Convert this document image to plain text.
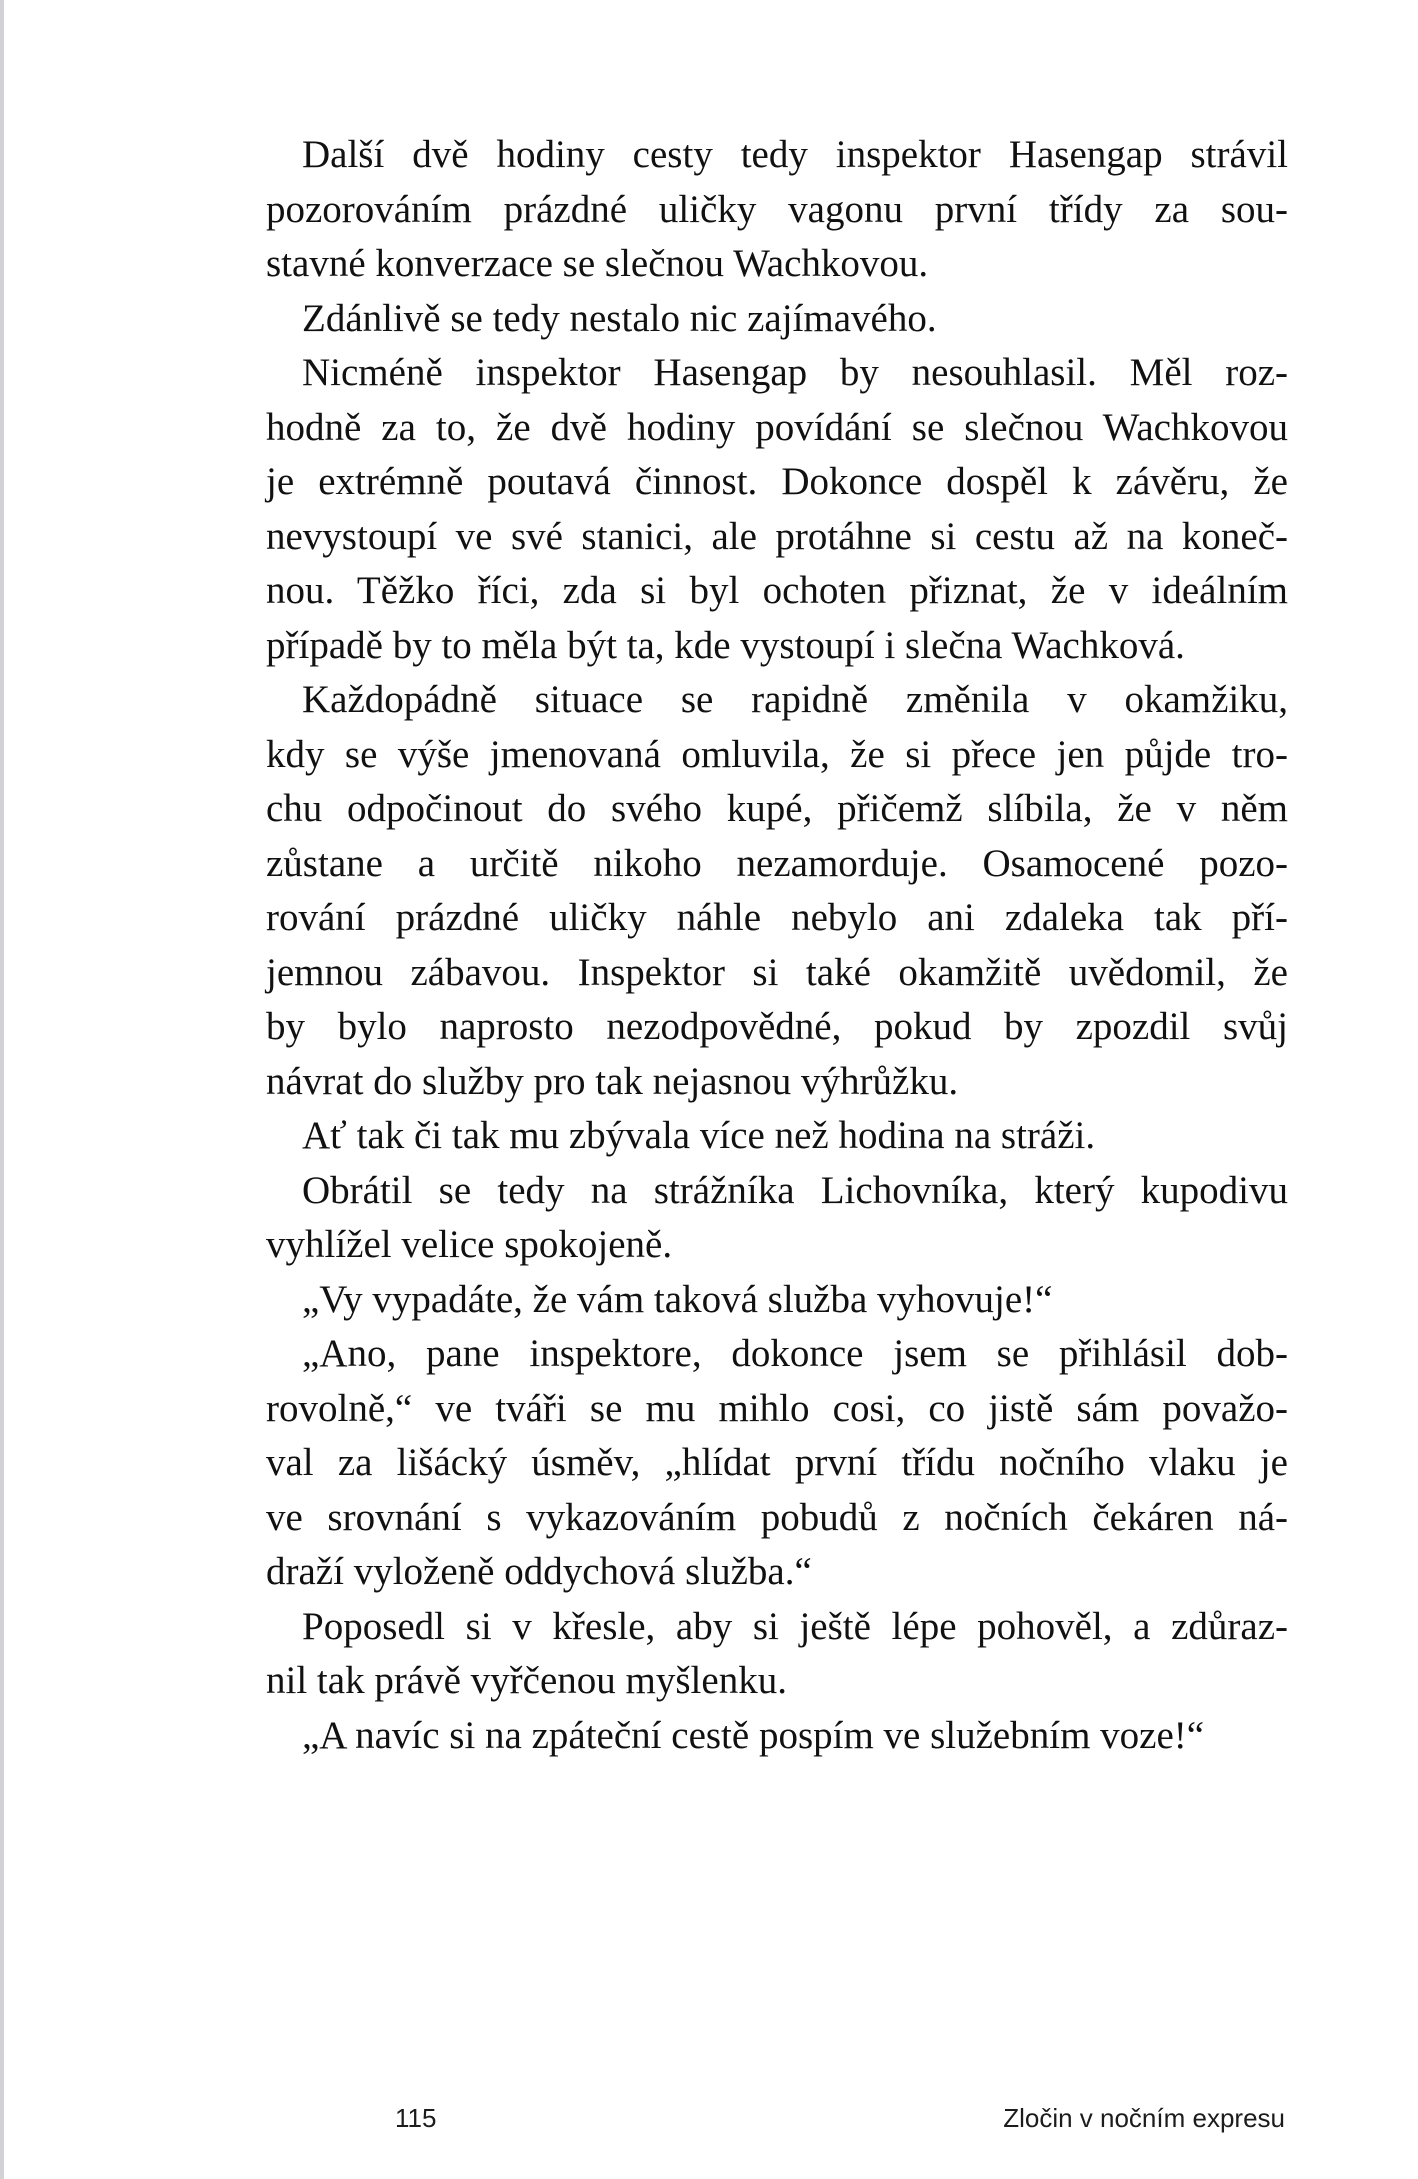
Další dvě hodiny cesty tedy inspektor Hasengap strávil
pozorováním prázdné uličky vagonu první třídy za sou-
stavné konverzace se slečnou Wachkovou.
Zdánlivě se tedy nestalo nic zajímavého.
Nicméně inspektor Hasengap by nesouhlasil. Měl roz-
hodně za to, že dvě hodiny povídání se slečnou Wachkovou
je extrémně poutavá činnost. Dokonce dospěl k závěru, že
nevystoupí ve své stanici, ale protáhne si cestu až na koneč-
nou. Těžko říci, zda si byl ochoten přiznat, že v ideálním
případě by to měla být ta, kde vystoupí i slečna Wachková.
Každopádně situace se rapidně změnila v okamžiku,
kdy se výše jmenovaná omluvila, že si přece jen půjde tro-
chu odpočinout do svého kupé, přičemž slíbila, že v něm
zůstane a určitě nikoho nezamorduje. Osamocené pozo-
rování prázdné uličky náhle nebylo ani zdaleka tak pří-
jemnou zábavou. Inspektor si také okamžitě uvědomil, že
by bylo naprosto nezodpovědné, pokud by zpozdil svůj
návrat do služby pro tak nejasnou výhrůžku.
Ať tak či tak mu zbývala více než hodina na stráži.
Obrátil se tedy na strážníka Lichovníka, který kupodivu
vyhlížel velice spokojeně.
„Vy vypadáte, že vám taková služba vyhovuje!“
„Ano, pane inspektore, dokonce jsem se přihlásil dob-
rovolně,“ ve tváři se mu mihlo cosi, co jistě sám považo-
val za lišácký úsměv, „hlídat první třídu nočního vlaku je
ve srovnání s vykazováním pobudů z nočních čekáren ná-
draží vyloženě oddychová služba.“
Poposedl si v křesle, aby si ještě lépe pohověl, a zdůraz-
nil tak právě vyřčenou myšlenku.
„A navíc si na zpáteční cestě pospím ve služebním voze!“
115	Zločin v nočním expresu
